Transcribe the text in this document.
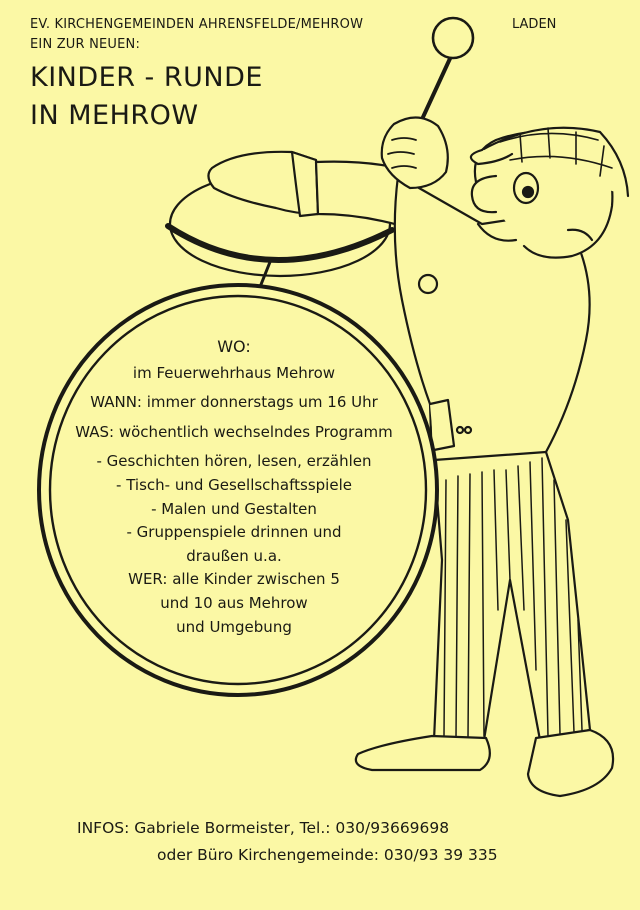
EV. KIRCHENGEMEINDEN AHRENSFELDE/MEHROW	LADEN
EIN ZUR NEUEN:
KINDER - RUNDE
IN MEHROW
WO:
im Feuerwehrhaus Mehrow
WANN: immer donnerstags um 16 Uhr
WAS: wöchentlich wechselndes Programm
- Geschichten hören, lesen, erzählen
- Tisch- und Gesellschaftsspiele
- Malen und Gestalten
- Gruppenspiele drinnen und
draußen u.a.
WER: alle Kinder zwischen 5
und 10 aus Mehrow
und Umgebung
INFOS: Gabriele Bormeister, Tel.: 030/93669698
oder Büro Kirchengemeinde: 030/93 39 335
